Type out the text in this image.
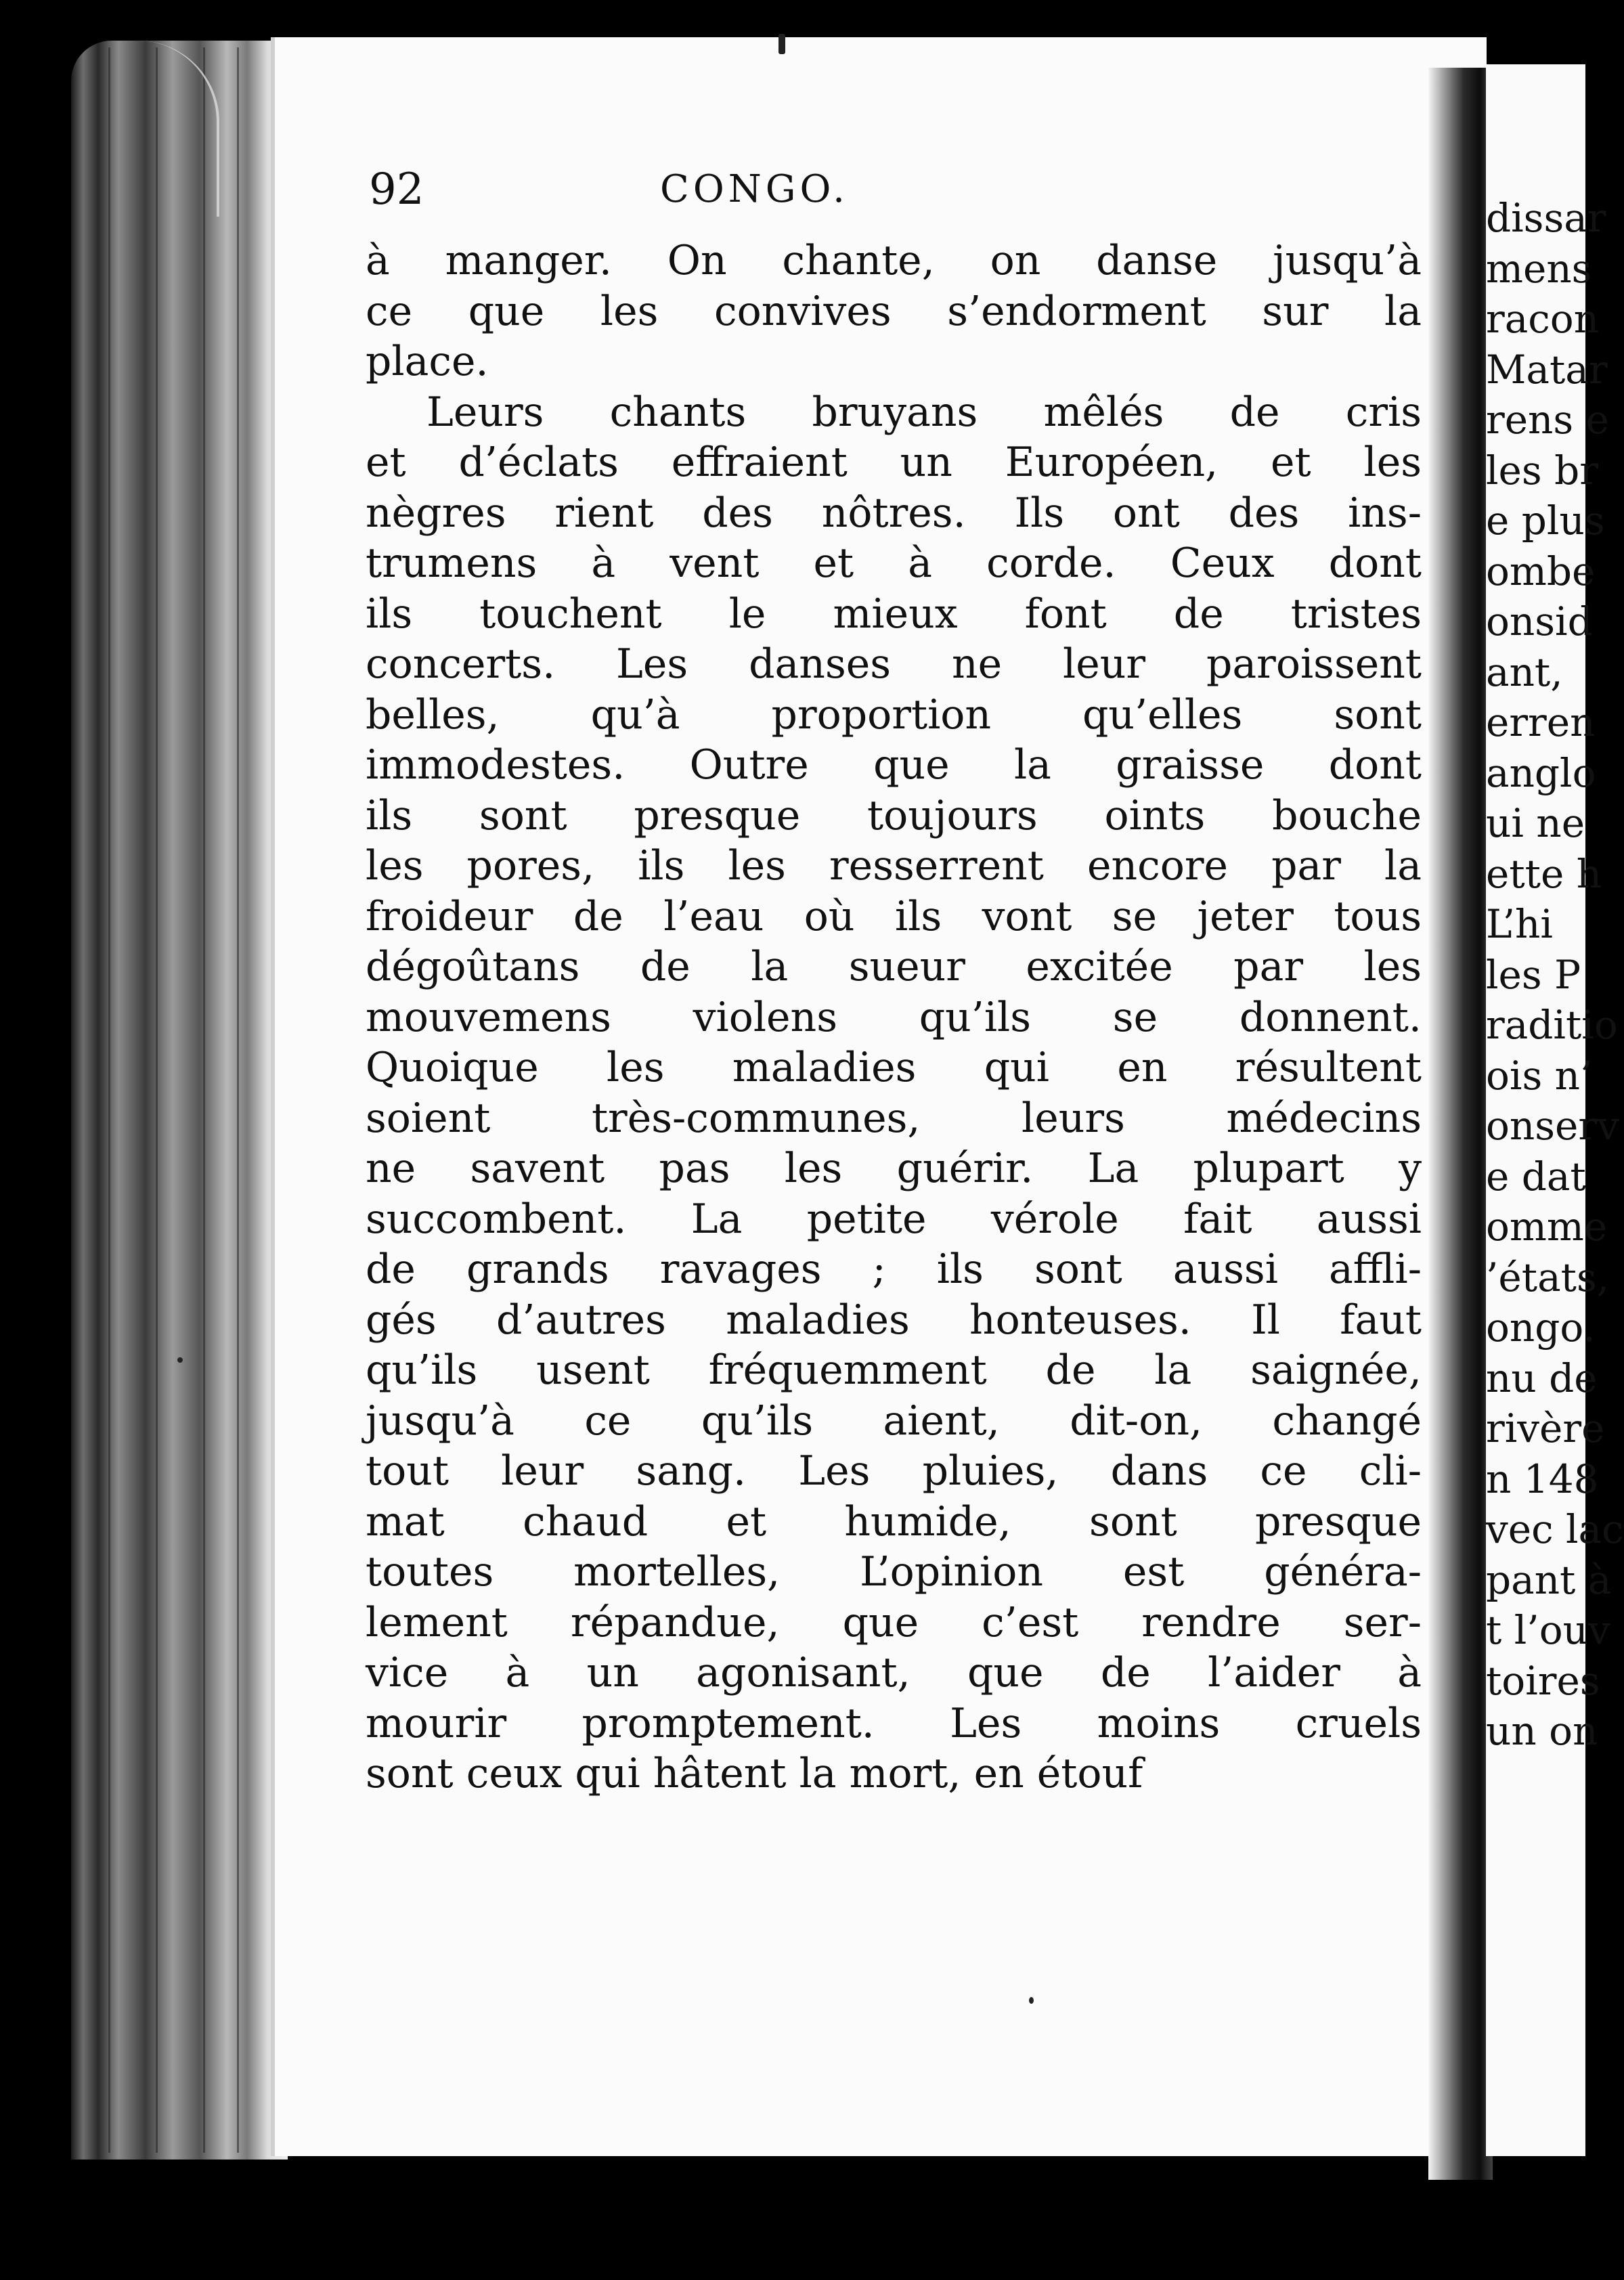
dissar
mens
racon
Matar
rens e
les br
e plus
ombe
onsid
ant,
erren
anglo
ui ne
ette h
L’hi
les P
raditio
ois n’
onserv
e dat
omme
’états,
ongo.
nu de
rivère
n 148
vec lac
pant à
t l’ouv
toires
un on
92	CONGO.
à manger. On chante, on danse jusqu’à
ce que les convives s’endorment sur la
place.
Leurs chants bruyans mêlés de cris
et d’éclats effraient un Européen, et les
nègres rient des nôtres. Ils ont des ins-
trumens à vent et à corde. Ceux dont
ils touchent le mieux font de tristes
concerts. Les danses ne leur paroissent
belles, qu’à proportion qu’elles sont
immodestes. Outre que la graisse dont
ils sont presque toujours oints bouche
les pores, ils les resserrent encore par la
froideur de l’eau où ils vont se jeter tous
dégoûtans de la sueur excitée par les
mouvemens violens qu’ils se donnent.
Quoique les maladies qui en résultent
soient très-communes, leurs médecins
ne savent pas les guérir. La plupart y
succombent. La petite vérole fait aussi
de grands ravages ; ils sont aussi affli-
gés d’autres maladies honteuses. Il faut
qu’ils usent fréquemment de la saignée,
jusqu’à ce qu’ils aient, dit-on, changé
tout leur sang. Les pluies, dans ce cli-
mat chaud et humide, sont presque
toutes mortelles, L’opinion est généra-
lement répandue, que c’est rendre ser-
vice à un agonisant, que de l’aider à
mourir promptement. Les moins cruels
sont ceux qui hâtent la mort, en étouf
